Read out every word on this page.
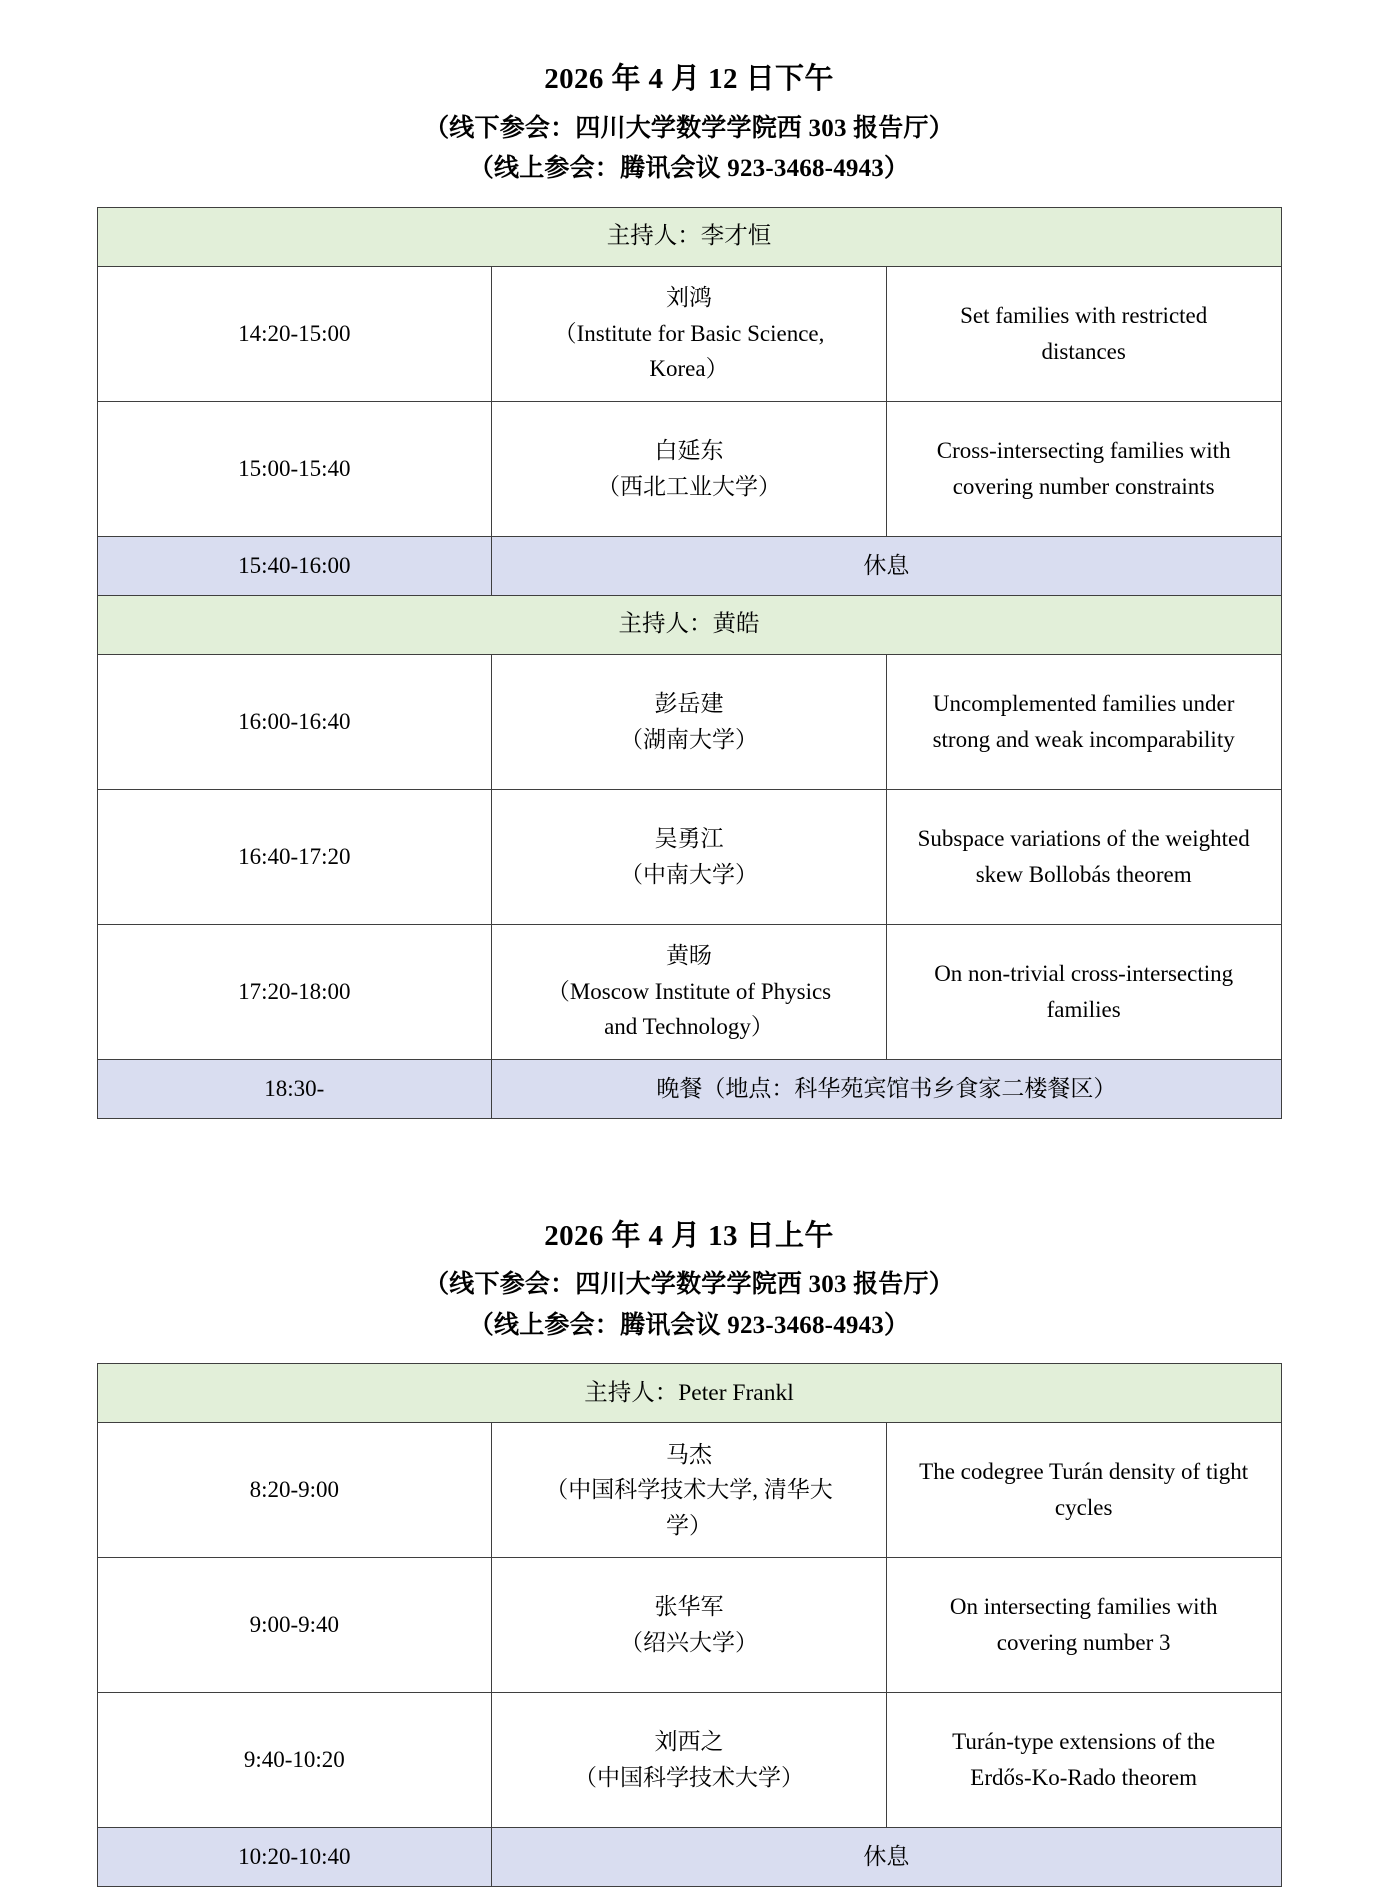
2026 年 4 月 12 日下午
（线下参会：四川大学数学学院西 303 报告厅）
（线上参会：腾讯会议 923-3468-4943）
主持人：李才恒		
14:20-15:00	刘鸿
（Institute for Basic Science,
Korea）	Set families with restricted
distances

15:00-15:40	白延东
（西北工业大学）	Cross-intersecting families with
covering number constraints

15:40-16:00	休息	
主持人：黄皓		
16:00-16:40	彭岳建
（湖南大学）	Uncomplemented families under
strong and weak incomparability

16:40-17:20	吴勇江
（中南大学）	Subspace variations of the weighted
skew Bollobás theorem

17:20-18:00	黄旸
（Moscow Institute of Physics
and Technology）	On non-trivial cross-intersecting
families

18:30-	晚餐（地点：科华苑宾馆书乡食家二楼餐区）	
2026 年 4 月 13 日上午
（线下参会：四川大学数学学院西 303 报告厅）
（线上参会：腾讯会议 923-3468-4943）
主持人：Peter Frankl		
8:20-9:00	马杰
（中国科学技术大学, 清华大
学）	The codegree Turán density of tight
cycles

9:00-9:40	张华军
（绍兴大学）	On intersecting families with
covering number 3

9:40-10:20	刘西之
（中国科学技术大学）	Turán-type extensions of the
Erdős-Ko-Rado theorem

10:20-10:40	休息	
